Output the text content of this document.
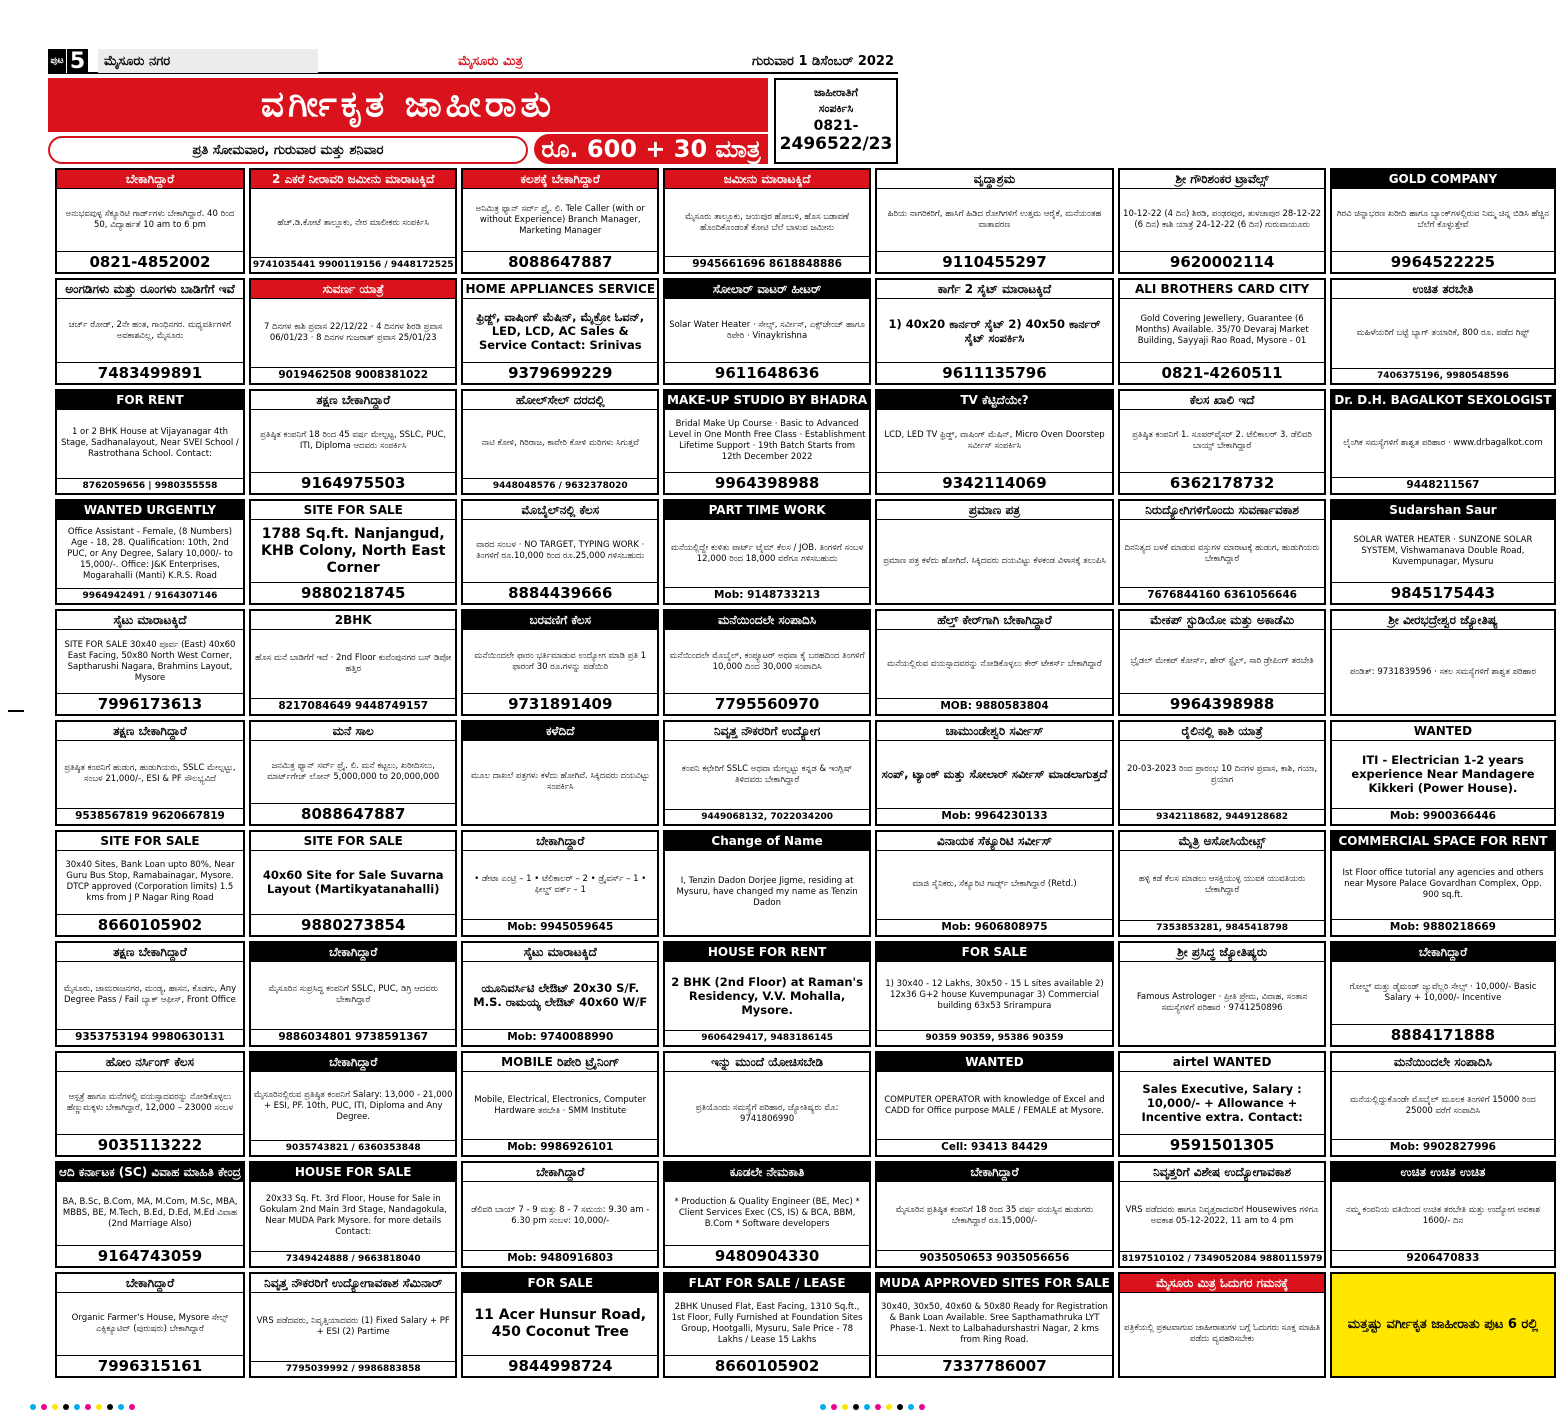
ಪುಟ 5	ಮೈಸೂರು ನಗರ	ಮೈಸೂರು ಮಿತ್ರ	ಗುರುವಾರ 1 ಡಿಸೆಂಬರ್ 2022
ವರ್ಗೀಕೃತ ಜಾಹೀರಾತು
ಪ್ರತಿ ಸೋಮವಾರ, ಗುರುವಾರ ಮತ್ತು ಶನಿವಾರ	ರೂ. 600 + 30 ಮಾತ್ರ
ಜಾಹೀರಾತಿಗೆ
ಸಂಪರ್ಕಿಸಿ
0821-
2496522/23
ಬೇಕಾಗಿದ್ದಾರೆ
ಅನುಭವವುಳ್ಳ ಸೆಕ್ಯೂರಿಟಿ ಗಾರ್ಡ್‌ಗಳು ಬೇಕಾಗಿದ್ದಾರೆ. 40 ರಿಂದ 50, ವಿದ್ಯಾರ್ಹತೆ 10 am to 6 pm
0821-4852002
2 ಎಕರೆ ನೀರಾವರಿ ಜಮೀನು ಮಾರಾಟಕ್ಕಿದೆ
ಹೆಚ್.ಡಿ.ಕೋಟೆ ತಾಲ್ಲೂಕು, ನೇರ ಮಾಲೀಕರು ಸಂಪರ್ಕಿಸಿ
9741035441 9900119156 / 9448172525
ಕಲಶಕ್ಕೆ ಬೇಕಾಗಿದ್ದಾರೆ
ಅನಿಮಿತ್ರ ಫ್ಯಾನ್ ಸರ್ವ್‌ ಪ್ರೈ. ಲಿ. Tele Caller (with or without Experience) Branch Manager, Marketing Manager
8088647887
ಜಮೀನು ಮಾರಾಟಕ್ಕಿದೆ
ಮೈಸೂರು ತಾಲ್ಲೂಕು, ಜಯಪುರ ಹೋಬಳಿ, ಹೊಸ ಬಡಾವಣೆ ಹೊಂದಿಕೊಂಡಂತೆ ಕೋಟಿ ಬೆಲೆ ಬಾಳುವ ಜಮೀನು
9945661696 8618848886
ವೃದ್ಧಾಶ್ರಮ
ಹಿರಿಯ ನಾಗರಿಕರಿಗೆ, ಹಾಸಿಗೆ ಹಿಡಿದ ರೋಗಿಗಳಿಗೆ ಉತ್ತಮ ಆರೈಕೆ, ಮನೆಯಂತಹ ವಾತಾವರಣ
9110455297
ಶ್ರೀ ಗೌರಿಶಂಕರ ಟ್ರಾವೆಲ್ಸ್
10-12-22 (4 ದಿನ) ಶಿರಡಿ, ಪಂಢರಪುರ, ತುಳಜಾಪುರ 28-12-22 (6 ದಿನ) ಕಾಶಿ ಯಾತ್ರೆ 24-12-22 (6 ದಿನ) ಗುರುವಾಯೂರು
9620002114
GOLD COMPANY
ಗಿರವಿ ಚಿನ್ನಾಭರಣ ಖರೀದಿ ಹಾಗೂ ಬ್ಯಾಂಕ್‌ಗಳಲ್ಲಿರುವ ನಿಮ್ಮ ಚಿನ್ನ ಬಿಡಿಸಿ ಹೆಚ್ಚಿನ ಬೆಲೆಗೆ ಕೊಳ್ಳುತ್ತೇವೆ
9964522225
ಅಂಗಡಿಗಳು ಮತ್ತು ರೂಂಗಳು ಬಾಡಿಗೆಗೆ ಇವೆ
ಚರ್ಚ್ ರೋಡ್, 2ನೇ ಹಂತ, ಗಾಂಧಿನಗರ. ಮಧ್ಯವರ್ತಿಗಳಿಗೆ ಅವಕಾಶವಿಲ್ಲ, ಮೈಸೂರು
7483499891
ಸುವರ್ಣ ಯಾತ್ರೆ
7 ದಿನಗಳ ಕಾಶಿ ಪ್ರವಾಸ 22/12/22 · 4 ದಿನಗಳ ಶಿರಡಿ ಪ್ರವಾಸ 06/01/23 · 8 ದಿನಗಳ ಗುಜರಾತ್ ಪ್ರವಾಸ 25/01/23
9019462508 9008381022
HOME APPLIANCES SERVICE
ಫ್ರಿಡ್ಜ್, ವಾಷಿಂಗ್ ಮೆಷಿನ್, ಮೈಕ್ರೋ ಓವನ್, LED, LCD, AC Sales & Service Contact: Srinivas
9379699229
ಸೋಲಾರ್ ವಾಟರ್ ಹೀಟರ್
Solar Water Heater · ಸೇಲ್ಸ್, ಸರ್ವೀಸ್, ಎಕ್ಸ್‌ಚೇಂಜ್ ಹಾಗೂ ರಿಪೇರಿ · Vinaykrishna
9611648636
ಕಾರ್ಗೆ 2 ಸೈಟ್ ಮಾರಾಟಕ್ಕಿದೆ
1) 40x20 ಕಾರ್ನರ್ ಸೈಟ್ 2) 40x50 ಕಾರ್ನರ್ ಸೈಟ್ ಸಂಪರ್ಕಿಸಿ
9611135796
ALI BROTHERS CARD CITY
Gold Covering Jewellery, Guarantee (6 Months) Available. 35/70 Devaraj Market Building, Sayyaji Rao Road, Mysore - 01
0821-4260511
ಉಚಿತ ತರಬೇತಿ
ಮಹಿಳೆಯರಿಗೆ ಬಟ್ಟೆ ಬ್ಯಾಗ್ ತಯಾರಿಕೆ, 800 ರೂ. ಪಡೆದ ಗಿಫ್ಟ್
7406375196, 9980548596
FOR RENT
1 or 2 BHK House at Vijayanagar 4th Stage, Sadhanalayout, Near SVEI School / Rastrothana School. Contact:
8762059656 | 9980355558
ತಕ್ಷಣ ಬೇಕಾಗಿದ್ದಾರೆ
ಪ್ರತಿಷ್ಠಿತ ಕಂಪನಿಗೆ 18 ರಿಂದ 45 ವರ್ಷ ಮೇಲ್ಪಟ್ಟ, SSLC, PUC, ITI, Diploma ಆದವರು ಸಂಪರ್ಕಿಸಿ
9164975503
ಹೋಲ್‌ಸೇಲ್ ದರದಲ್ಲಿ
ನಾಟಿ ಕೋಳಿ, ಗಿರಿರಾಜ, ಕಾವೇರಿ ಕೋಳಿ ಮರಿಗಳು ಸಿಗುತ್ತವೆ
9448048576 / 9632378020
MAKE-UP STUDIO BY BHADRA
Bridal Make Up Course · Basic to Advanced Level in One Month Free Class · Establishment Lifetime Support · 19th Batch Starts from 12th December 2022
9964398988
TV ಕೆಟ್ಟಿದೆಯೇ?
LCD, LED TV ಫ್ರಿಡ್ಜ್, ವಾಷಿಂಗ್ ಮೆಷಿನ್, Micro Oven Doorstep ಸರ್ವೀಸ್ ಸಂಪರ್ಕಿಸಿ
9342114069
ಕೆಲಸ ಖಾಲಿ ಇದೆ
ಪ್ರತಿಷ್ಠಿತ ಕಂಪನಿಗೆ 1. ಸೂಪರ್‌ವೈಸರ್ 2. ಟೆಲಿಕಾಲರ್ 3. ಡೆಲಿವರಿ ಬಾಯ್ಸ್ ಬೇಕಾಗಿದ್ದಾರೆ
6362178732
Dr. D.H. BAGALKOT SEXOLOGIST
ಲೈಂಗಿಕ ಸಮಸ್ಯೆಗಳಿಗೆ ಶಾಶ್ವತ ಪರಿಹಾರ · www.drbagalkot.com
9448211567
WANTED URGENTLY
Office Assistant - Female, (8 Numbers) Age - 18, 28. Qualification: 10th, 2nd PUC, or Any Degree, Salary 10,000/- to 15,000/-. Office: J&K Enterprises, Mogarahalli (Manti) K.R.S. Road
9964942491 / 9164307146
SITE FOR SALE
1788 Sq.ft. Nanjangud, KHB Colony, North East Corner
9880218745
ಮೊಬೈಲ್‌ನಲ್ಲಿ ಕೆಲಸ
ವಾರದ ಸಂಬಳ · NO TARGET, TYPING WORK · ತಿಂಗಳಿಗೆ ರೂ.10,000 ರಿಂದ ರೂ.25,000 ಗಳಿಸಬಹುದು
8884439666
PART TIME WORK
ಮನೆಯಲ್ಲಿದ್ದೇ ಕುಳಿತು ಪಾರ್ಟ್ ಟೈಮ್ ಕೆಲಸ / JOB. ತಿಂಗಳಿಗೆ ಸಂಬಳ 12,000 ರಿಂದ 18,000 ವರೆಗೂ ಗಳಿಸಬಹುದು
Mob: 9148733213
ಪ್ರಮಾಣ ಪತ್ರ
ಪ್ರಮಾಣ ಪತ್ರ ಕಳೆದು ಹೋಗಿದೆ. ಸಿಕ್ಕಿದವರು ದಯವಿಟ್ಟು ಕೆಳಕಂಡ ವಿಳಾಸಕ್ಕೆ ತಲುಪಿಸಿ
ನಿರುದ್ಯೋಗಿಗಳಿಗೊಂದು ಸುವರ್ಣಾವಕಾಶ
ದಿನನಿತ್ಯದ ಬಳಕೆ ಮಾಡುವ ವಸ್ತುಗಳ ಮಾರಾಟಕ್ಕೆ ಹುಡುಗ, ಹುಡುಗಿಯರು ಬೇಕಾಗಿದ್ದಾರೆ
7676844160 6361056646
Sudarshan Saur
SOLAR WATER HEATER · SUNZONE SOLAR SYSTEM, Vishwamanava Double Road, Kuvempunagar, Mysuru
9845175443
ಸೈಟು ಮಾರಾಟಕ್ಕಿದೆ
SITE FOR SALE 30x40 ಪೂರ್ವ (East) 40x60 East Facing, 50x80 North West Corner, Saptharushi Nagara, Brahmins Layout, Mysore
7996173613
2BHK
ಹೊಸ ಮನೆ ಬಾಡಿಗೆಗೆ ಇದೆ · 2nd Floor ಕುವೆಂಪುನಗರ ಬಸ್ ಡಿಪೋ ಹತ್ತಿರ
8217084649 9448749157
ಬರವಣಿಗೆ ಕೆಲಸ
ಮನೆಯಿಂದಲೇ ಫಾರಂ ಭರ್ತಿಮಾಡುವ ಉದ್ಯೋಗ ಮಾಡಿ ಪ್ರತಿ 1 ಫಾರಂಗೆ 30 ರೂ.ಗಳನ್ನು ಪಡೆಯಿರಿ
9731891409
ಮನೆಯಿಂದಲೇ ಸಂಪಾದಿಸಿ
ಮನೆಯಿಂದಲೇ ಮೊಬೈಲ್, ಕಂಪ್ಯೂಟರ್ ಅಥವಾ ಕೈ ಬರಹದಿಂದ ತಿಂಗಳಿಗೆ 10,000 ದಿಂದ 30,000 ಸಂಪಾದಿಸಿ
7795560970
ಹೆಲ್ತ್ ಕೇರ್‌ಗಾಗಿ ಬೇಕಾಗಿದ್ದಾರೆ
ಮನೆಯಲ್ಲಿರುವ ವಯಸ್ಸಾದವರನ್ನು ನೋಡಿಕೊಳ್ಳಲು ಕೇರ್ ಟೇಕರ್ಸ್ ಬೇಕಾಗಿದ್ದಾರೆ
MOB: 9880583804
ಮೇಕಪ್ ಸ್ಟುಡಿಯೋ ಮತ್ತು ಅಕಾಡೆಮಿ
ಬ್ರೈಡಲ್ ಮೇಕಪ್ ಕೋರ್ಸ್, ಹೇರ್ ಸ್ಟೈಲ್, ಸಾರಿ ಡ್ರೇಪಿಂಗ್ ತರಬೇತಿ
9964398988
ಶ್ರೀ ವೀರಭದ್ರೇಶ್ವರ ಜ್ಯೋತಿಷ್ಯ
ಪಂಡಿತ್: 9731839596 · ಸಕಲ ಸಮಸ್ಯೆಗಳಿಗೆ ಶಾಶ್ವತ ಪರಿಹಾರ
ತಕ್ಷಣ ಬೇಕಾಗಿದ್ದಾರೆ
ಪ್ರತಿಷ್ಠಿತ ಕಂಪನಿಗೆ ಹುಡುಗ, ಹುಡುಗಿಯರು, SSLC ಮೇಲ್ಪಟ್ಟು, ಸಂಬಳ 21,000/-, ESI & PF ಸೌಲಭ್ಯವಿದೆ
9538567819 9620667819
ಮನೆ ಸಾಲ
ಜನಮಿತ್ರ ಫ್ಯಾನ್ ಸರ್ವ್‌ ಪ್ರೈ. ಲಿ. ಮನೆ ಕಟ್ಟಲು, ಖರೀದಿಸಲು, ಮಾರ್ಟ್‌ಗೇಜ್ ಲೋನ್ 5,000,000 to 20,000,000
8088647887
ಕಳೆದಿದೆ
ಮೂಲ ದಾಖಲೆ ಪತ್ರಗಳು ಕಳೆದು ಹೋಗಿವೆ. ಸಿಕ್ಕಿದವರು ದಯವಿಟ್ಟು ಸಂಪರ್ಕಿಸಿ
ನಿವೃತ್ತ ನೌಕರರಿಗೆ ಉದ್ಯೋಗ
ಕಂಪನಿ ಕಛೇರಿಗೆ SSLC ಅಥವಾ ಮೇಲ್ಪಟ್ಟು ಕನ್ನಡ & ಇಂಗ್ಲಿಷ್ ತಿಳಿದವರು ಬೇಕಾಗಿದ್ದಾರೆ
9449068132, 7022034200
ಚಾಮುಂಡೇಶ್ವರಿ ಸರ್ವೀಸ್
ಸಂಪ್, ಟ್ಯಾಂಕ್ ಮತ್ತು ಸೋಲಾರ್ ಸರ್ವೀಸ್ ಮಾಡಲಾಗುತ್ತದೆ
Mob: 9964230133
ರೈಲಿನಲ್ಲಿ ಕಾಶಿ ಯಾತ್ರೆ
20-03-2023 ರಿಂದ ಪ್ರಾರಂಭ 10 ದಿನಗಳ ಪ್ರವಾಸ, ಕಾಶಿ, ಗಯಾ, ಪ್ರಯಾಗ
9342118682, 9449128682
WANTED
ITI - Electrician 1-2 years experience Near Mandagere Kikkeri (Power House).
Mob: 9900366446
SITE FOR SALE
30x40 Sites, Bank Loan upto 80%, Near Guru Bus Stop, Ramabainagar, Mysore. DTCP approved (Corporation limits) 1.5 kms from J P Nagar Ring Road
8660105902
SITE FOR SALE
40x60 Site for Sale Suvarna Layout (Martikyatanahalli)
9880273854
ಬೇಕಾಗಿದ್ದಾರೆ
• ಡೇಟಾ ಎಂಟ್ರಿ – 1 • ಟೆಲಿಕಾಲರ್ – 2 • ಡ್ರೈವರ್ಸ್ – 1 • ಫೀಲ್ಡ್ ವರ್ಕ್ – 1
Mob: 9945059645
Change of Name
I, Tenzin Dadon Dorjee Jigme, residing at Mysuru, have changed my name as Tenzin Dadon
ವಿನಾಯಕ ಸೆಕ್ಯೂರಿಟಿ ಸರ್ವೀಸ್
ಮಾಜಿ ಸೈನಿಕರು, ಸೆಕ್ಯೂರಿಟಿ ಗಾರ್ಡ್ಸ್ ಬೇಕಾಗಿದ್ದಾರೆ (Retd.)
Mob: 9606808975
ಮೈತ್ರಿ ಅಸೋಸಿಯೇಟ್ಸ್
ಹಳ್ಳಿ ಕಡೆ ಕೆಲಸ ಮಾಡಲು ಆಸಕ್ತಿಯುಳ್ಳ ಯುವಕ ಯುವತಿಯರು ಬೇಕಾಗಿದ್ದಾರೆ
7353853281, 9845418798
COMMERCIAL SPACE FOR RENT
Ist Floor office tutorial any agencies and others near Mysore Palace Govardhan Complex, Opp. 900 sq.ft.
Mob: 9880218669
ತಕ್ಷಣ ಬೇಕಾಗಿದ್ದಾರೆ
ಮೈಸೂರು, ಚಾಮರಾಜನಗರ, ಮಂಡ್ಯ, ಹಾಸನ, ಕೊಡಗು, Any Degree Pass / Fail ಬ್ಯಾಕ್ ಆಫೀಸ್, Front Office
9353753194 9980630131
ಬೇಕಾಗಿದ್ದಾರೆ
ಮೈಸೂರಿನ ಸುಪ್ರಸಿದ್ಧ ಕಂಪನಿಗೆ SSLC, PUC, ಡಿಗ್ರಿ ಆದವರು ಬೇಕಾಗಿದ್ದಾರೆ
9886034801 9738591367
ಸೈಟು ಮಾರಾಟಕ್ಕಿದೆ
ಯೂನಿವರ್ಸಿಟಿ ಲೇಔಟ್ 20x30 S/F. M.S. ರಾಮಯ್ಯ ಲೇಔಟ್ 40x60 W/F
Mob: 9740088990
HOUSE FOR RENT
2 BHK (2nd Floor) at Raman's Residency, V.V. Mohalla, Mysore.
9606429417, 9483186145
FOR SALE
1) 30x40 - 12 Lakhs, 30x50 - 15 L sites available 2) 12x36 G+2 house Kuvempunagar 3) Commercial building 63x53 Srirampura
90359 90359, 95386 90359
ಶ್ರೀ ಪ್ರಸಿದ್ಧ ಜ್ಯೋತಿಷ್ಯರು
Famous Astrologer · ಪ್ರೀತಿ ಪ್ರೇಮ, ವಿವಾಹ, ಸಂತಾನ ಸಮಸ್ಯೆಗಳಿಗೆ ಪರಿಹಾರ · 9741250896
ಬೇಕಾಗಿದ್ದಾರೆ
ಗೋಲ್ಡ್ ಮತ್ತು ಡೈಮಂಡ್ ಜ್ಯುವೆಲ್ಲರಿ ಸೇಲ್ಸ್ · 10,000/- Basic Salary + 10,000/- Incentive
8884171888
ಹೋಂ ನರ್ಸಿಂಗ್ ಕೆಲಸ
ಆಸ್ಪತ್ರೆ ಹಾಗೂ ಮನೆಗಳಲ್ಲಿ ವಯಸ್ಸಾದವರನ್ನು ನೋಡಿಕೊಳ್ಳಲು ಹೆಣ್ಣುಮಕ್ಕಳು ಬೇಕಾಗಿದ್ದಾರೆ, 12,000 – 23000 ಸಂಬಳ
9035113222
ಬೇಕಾಗಿದ್ದಾರೆ
ಮೈಸೂರಿನಲ್ಲಿರುವ ಪ್ರತಿಷ್ಠಿತ ಕಂಪನಿಗೆ Salary: 13,000 - 21,000 + ESI, PF. 10th, PUC, ITI, Diploma and Any Degree.
9035743821 / 6360353848
MOBILE ರಿಪೇರಿ ಟ್ರೈನಿಂಗ್
Mobile, Electrical, Electronics, Computer Hardware ತರಬೇತಿ · SMM Institute
Mob: 9986926101
ಇನ್ನು ಮುಂದೆ ಯೋಚಿಸಬೇಡಿ
ಪ್ರತಿಯೊಂದು ಸಮಸ್ಯೆಗೆ ಪರಿಹಾರ, ಜ್ಯೋತಿಷ್ಯರು ಮೊ: 9741806990
WANTED
COMPUTER OPERATOR with knowledge of Excel and CADD for Office purpose MALE / FEMALE at Mysore.
Cell: 93413 84429
airtel WANTED
Sales Executive, Salary : 10,000/- + Allowance + Incentive extra. Contact:
9591501305
ಮನೆಯಿಂದಲೇ ಸಂಪಾದಿಸಿ
ಮನೆಯಲ್ಲಿದ್ದುಕೊಂಡೇ ಮೊಬೈಲ್ ಮೂಲಕ ತಿಂಗಳಿಗೆ 15000 ರಿಂದ 25000 ವರೆಗೆ ಸಂಪಾದಿಸಿ
Mob: 9902827996
ಆದಿ ಕರ್ನಾಟಕ (SC) ವಿವಾಹ ಮಾಹಿತಿ ಕೇಂದ್ರ
BA, B.Sc, B.Com, MA, M.Com, M.Sc, MBA, MBBS, BE, M.Tech, B.Ed, D.Ed, M.Ed ವಿವಾಹ (2nd Marriage Also)
9164743059
HOUSE FOR SALE
20x33 Sq. Ft. 3rd Floor, House for Sale in Gokulam 2nd Main 3rd Stage, Nandagokula, Near MUDA Park Mysore. for more details Contact:
7349424888 / 9663818040
ಬೇಕಾಗಿದ್ದಾರೆ
ಡೆಲಿವರಿ ಬಾಯ್ 7 - 9 ಮತ್ತು 8 - 7 ಸಮಯ: 9.30 am - 6.30 pm ಸಂಬಳ: 10,000/-
Mob: 9480916803
ಕೂಡಲೇ ನೇಮಕಾತಿ
* Production & Quality Engineer (BE, Mec) * Client Services Exec (CS, IS) & BCA, BBM, B.Com * Software developers
9480904330
ಬೇಕಾಗಿದ್ದಾರೆ
ಮೈಸೂರಿನ ಪ್ರತಿಷ್ಠಿತ ಕಂಪನಿಗೆ 18 ರಿಂದ 35 ವರ್ಷ ವಯಸ್ಸಿನ ಹುಡುಗರು ಬೇಕಾಗಿದ್ದಾರೆ ರೂ.15,000/-
9035050653 9035056656
ನಿವೃತ್ತರಿಗೆ ವಿಶೇಷ ಉದ್ಯೋಗಾವಕಾಶ
VRS ಪಡೆದವರು ಹಾಗೂ ನಿವೃತ್ತರಾದವರಿಗೆ Housewives ಗಳಿಗೂ ಅವಕಾಶ 05-12-2022, 11 am to 4 pm
8197510102 / 7349052084 9880115979
ಉಚಿತ ಉಚಿತ ಉಚಿತ
ನಮ್ಮ ಕಂಪನಿಯ ವತಿಯಿಂದ ಉಚಿತ ತರಬೇತಿ ಮತ್ತು ಉದ್ಯೋಗ ಅವಕಾಶ 1600/- ದಿನ
9206470833
ಬೇಕಾಗಿದ್ದಾರೆ
Organic Farmer's House, Mysore ಸೇಲ್ಸ್ ಎಕ್ಸಿಕ್ಯೂಟಿವ್ (ಪುರುಷರು) ಬೇಕಾಗಿದ್ದಾರೆ
7996315161
ನಿವೃತ್ತ ನೌಕರರಿಗೆ ಉದ್ಯೋಗಾವಕಾಶ ಸೆಮಿನಾರ್
VRS ಪಡೆದವರು, ನಿವೃತ್ತಿಯಾದವರು (1) Fixed Salary + PF + ESI (2) Partime
7795039992 / 9986883858
FOR SALE
11 Acer Hunsur Road, 450 Coconut Tree
9844998724
FLAT FOR SALE / LEASE
2BHK Unused Flat, East Facing, 1310 Sq.ft., 1st Floor, Fully Furnished at Foundation Sites Group, Hootgalli, Mysuru, Sale Price - 78 Lakhs / Lease 15 Lakhs
8660105902
MUDA APPROVED SITES FOR SALE
30x40, 30x50, 40x60 & 50x80 Ready for Registration & Bank Loan Available. Sree Sapthamathruka LYT Phase-1. Next to Lalbahadurshastri Nagar, 2 kms from Ring Road.
7337786007
ಮೈಸೂರು ಮಿತ್ರ ಓದುಗರ ಗಮನಕ್ಕೆ
ಪತ್ರಿಕೆಯಲ್ಲಿ ಪ್ರಕಟವಾಗುವ ಜಾಹೀರಾತುಗಳ ಬಗ್ಗೆ ಓದುಗರು ಸೂಕ್ತ ಮಾಹಿತಿ ಪಡೆದು ವ್ಯವಹರಿಸಬೇಕು
ಮತ್ತಷ್ಟು ವರ್ಗೀಕೃತ ಜಾಹೀರಾತು ಪುಟ 6 ರಲ್ಲಿ
